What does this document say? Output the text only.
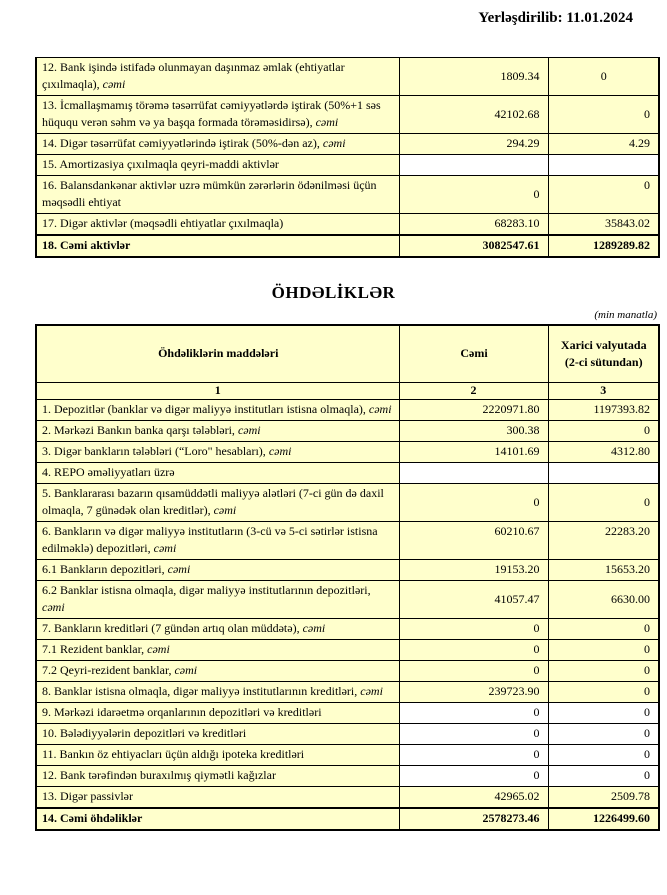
Yerləşdirilib: 11.01.2024
12. Bank işində istifadə olunmayan daşınmaz əmlak (ehtiyatlar çıxılmaqla), cəmi	1809.34	0
13. İcmallaşmamış törəmə təsərrüfat cəmiyyətlərdə iştirak (50%+1 səs hüququ verən səhm və ya başqa formada törəməsidirsə), cəmi	42102.68	0
14. Digər təsərrüfat cəmiyyətlərində iştirak (50%-dən az), cəmi	294.29	4.29
15. Amortizasiya çıxılmaqla qeyri-maddi aktivlər		
16. Balansdankənar aktivlər uzrə mümkün zərərlərin ödənilməsi üçün məqsədli ehtiyat	0	0
17. Digər aktivlər (məqsədli ehtiyatlar çıxılmaqla)	68283.10	35843.02
18. Cəmi aktivlər	3082547.61	1289289.82
ÖHDƏLİKLƏR
(min manatla)
Öhdəliklərin maddələri	Cəmi	Xarici valyutada (2-ci sütundan)
1	2	3
1. Depozitlər (banklar və digər maliyyə institutları istisna olmaqla), cəmi	2220971.80	1197393.82
2. Mərkəzi Bankın banka qarşı tələbləri, cəmi	300.38	0
3. Digər bankların tələbləri (“Loro" hesabları), cəmi	14101.69	4312.80
4. REPO əməliyyatları üzrə		
5. Banklararası bazarın qısamüddətli maliyyə alətləri (7-ci gün də daxil olmaqla, 7 günədək olan kreditlər), cəmi	0	0
6. Bankların və digər maliyyə institutların (3-cü və 5-ci sətirlər istisna edilməklə) depozitləri, cəmi	60210.67	22283.20
6.1 Bankların depozitləri, cəmi	19153.20	15653.20
6.2 Banklar istisna olmaqla, digər maliyyə institutlarının depozitləri, cəmi	41057.47	6630.00
7. Bankların kreditləri (7 gündən artıq olan müddətə), cəmi	0	0
7.1 Rezident banklar, cəmi	0	0
7.2 Qeyri-rezident banklar, cəmi	0	0
8. Banklar istisna olmaqla, digər maliyyə institutlarının kreditləri, cəmi	239723.90	0
9. Mərkəzi idarəetmə orqanlarının depozitləri və kreditləri	0	0
10. Bələdiyyələrin depozitləri və kreditləri	0	0
11. Bankın öz ehtiyacları üçün aldığı ipoteka kreditləri	0	0
12. Bank tərəfindən buraxılmış qiymətli kağızlar	0	0
13. Digər passivlər	42965.02	2509.78
14. Cəmi öhdəliklər	2578273.46	1226499.60
